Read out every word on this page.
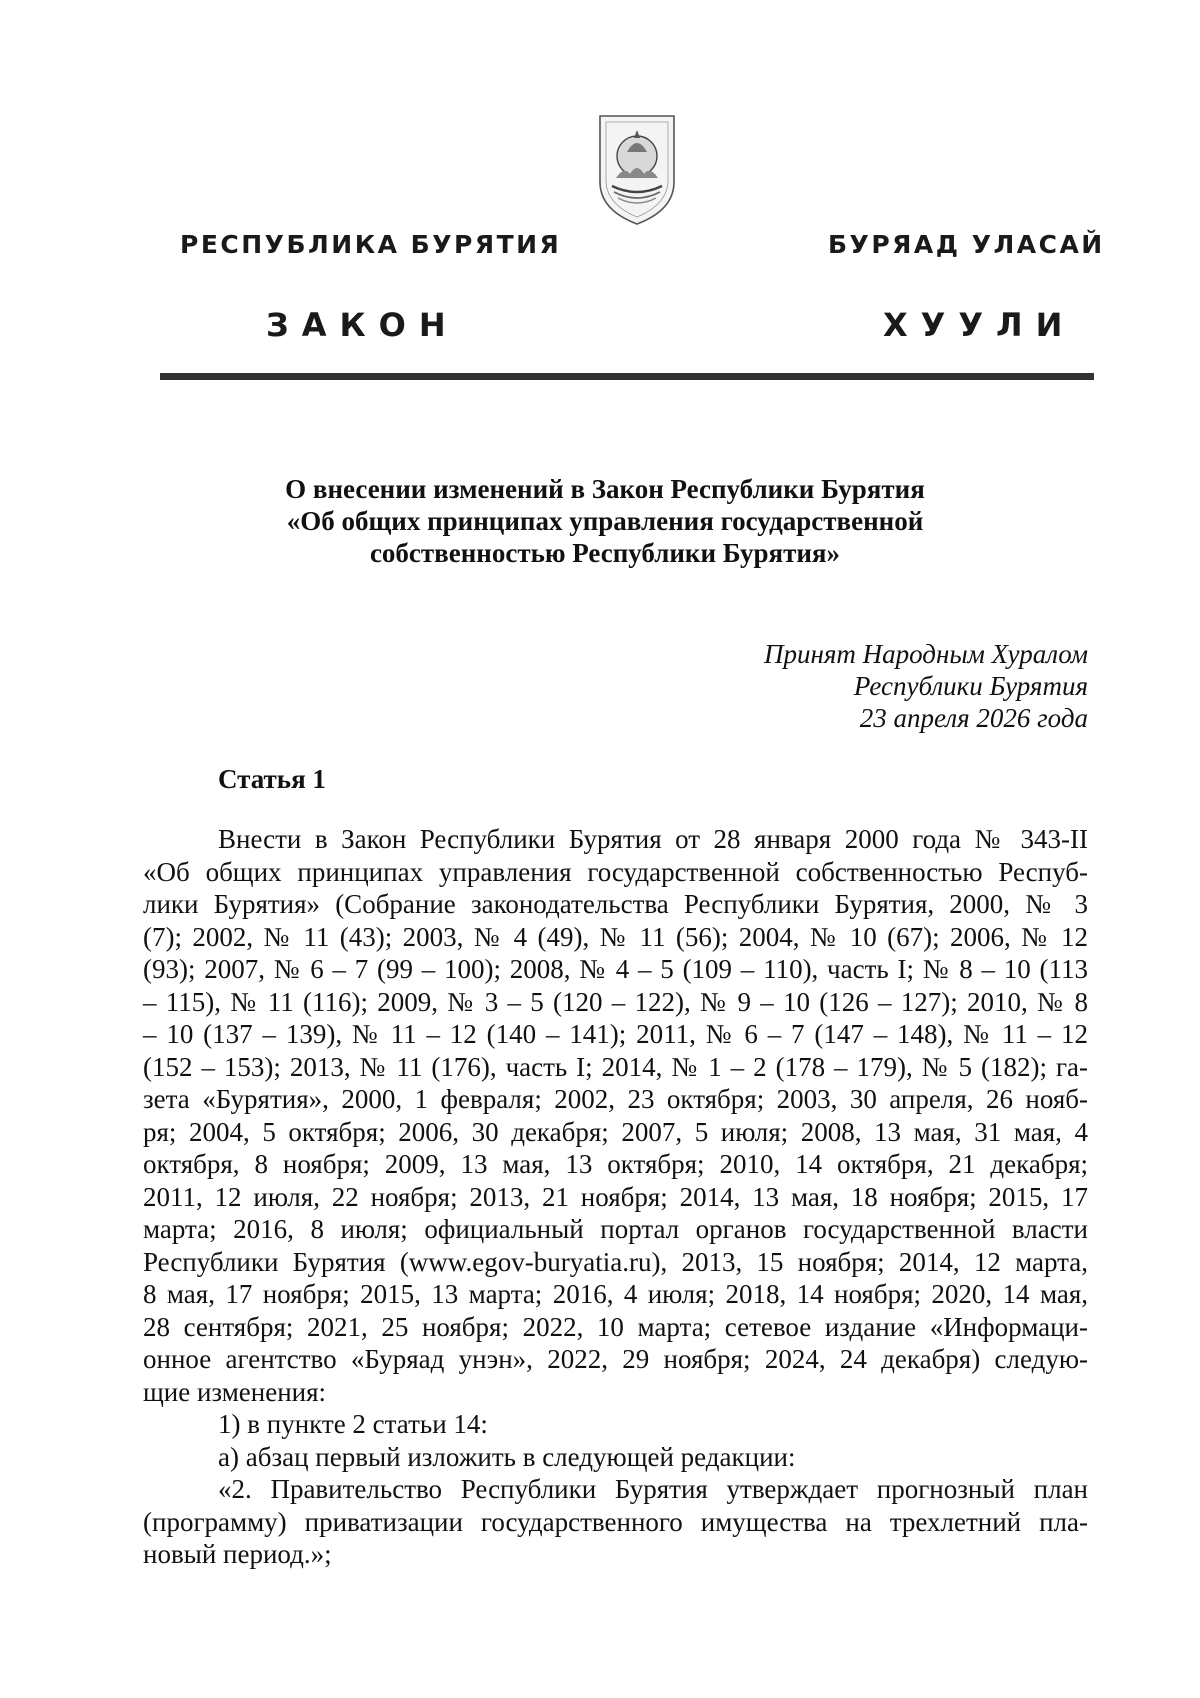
РЕСПУБЛИКА БУРЯТИЯ	БУРЯАД УЛАСАЙ
ЗАКОН	ХУУЛИ
О внесении изменений в Закон Республики Бурятия
«Об общих принципах управления государственной
собственностью Республики Бурятия»
Принят Народным Хуралом
Республики Бурятия
23 апреля 2026 года
Статья 1
Внести в Закон Республики Бурятия от 28 января 2000 года № 343-II
«Об общих принципах управления государственной собственностью Респуб-
лики Бурятия» (Собрание законодательства Республики Бурятия, 2000, № 3
(7); 2002, № 11 (43); 2003, № 4 (49), № 11 (56); 2004, № 10 (67); 2006, № 12
(93); 2007, № 6 – 7 (99 – 100); 2008, № 4 – 5 (109 – 110), часть I; № 8 – 10 (113
– 115), № 11 (116); 2009, № 3 – 5 (120 – 122), № 9 – 10 (126 – 127); 2010, № 8
– 10 (137 – 139), № 11 – 12 (140 – 141); 2011, № 6 – 7 (147 – 148), № 11 – 12
(152 – 153); 2013, № 11 (176), часть I; 2014, № 1 – 2 (178 – 179), № 5 (182); га-
зета «Бурятия», 2000, 1 февраля; 2002, 23 октября; 2003, 30 апреля, 26 нояб-
ря; 2004, 5 октября; 2006, 30 декабря; 2007, 5 июля; 2008, 13 мая, 31 мая, 4
октября, 8 ноября; 2009, 13 мая, 13 октября; 2010, 14 октября, 21 декабря;
2011, 12 июля, 22 ноября; 2013, 21 ноября; 2014, 13 мая, 18 ноября; 2015, 17
марта; 2016, 8 июля; официальный портал органов государственной власти
Республики Бурятия (www.egov-buryatia.ru), 2013, 15 ноября; 2014, 12 марта,
8 мая, 17 ноября; 2015, 13 марта; 2016, 4 июля; 2018, 14 ноября; 2020, 14 мая,
28 сентября; 2021, 25 ноября; 2022, 10 марта; сетевое издание «Информаци-
онное агентство «Буряад унэн», 2022, 29 ноября; 2024, 24 декабря) следую-
щие изменения:
1) в пункте 2 статьи 14:
а) абзац первый изложить в следующей редакции:
«2. Правительство Республики Бурятия утверждает прогнозный план
(программу) приватизации государственного имущества на трехлетний пла-
новый период.»;
